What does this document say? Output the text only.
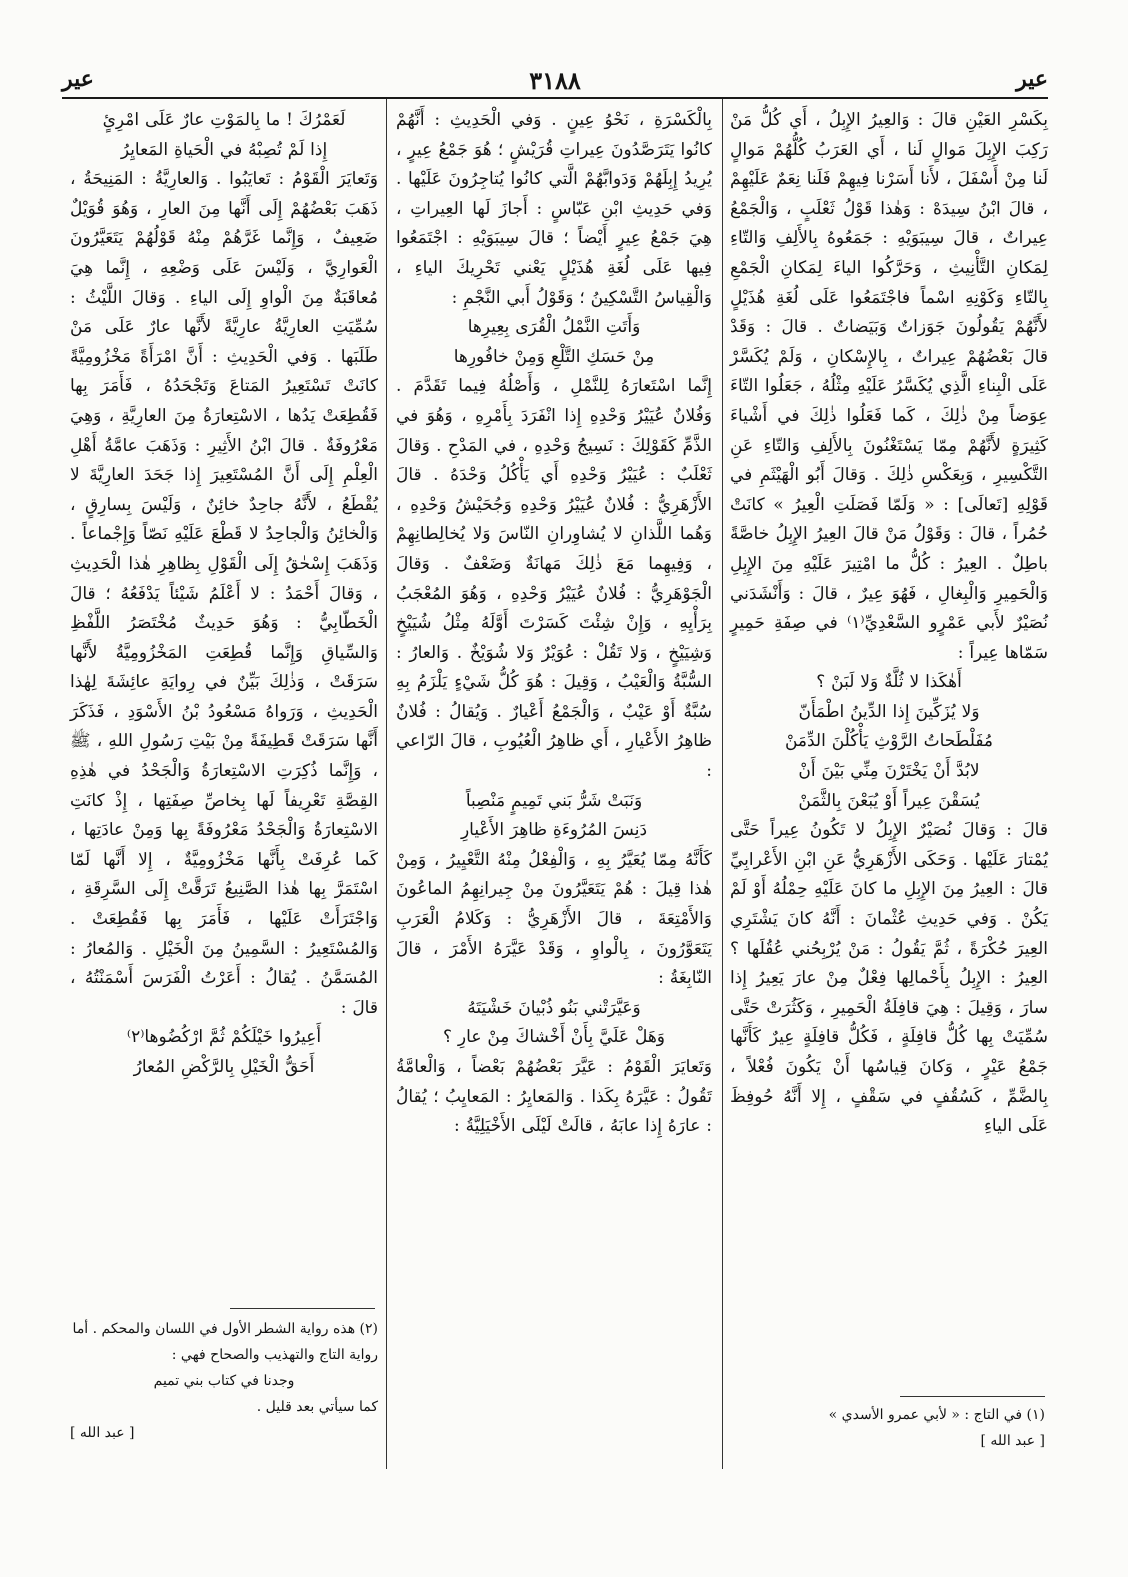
عير
٣١٨٨
عير

بِكَسْرِ العَيْنِ قالَ : وَالعِيرُ الإِبِلُ ، أَي كُلُّ مَنْ رَكِبَ الإِبِلَ مَوالٍ لَنا ، أَي العَرَبُ كُلُّهُمْ مَوالٍ لَنا مِنْ أَسْفَلَ ، لأَنا أَسَرْنا فِيهِمْ فَلَنا نِعَمٌ عَلَيْهِمْ ، قالَ ابْنُ سِيدَهْ : وَهٰذا قَوْلُ ثَعْلَبٍ ، وَالْجَمْعُ عِيراتٌ ، قالَ سِيبَوَيْهِ : جَمَعُوهُ بِالأَلِفِ وَالتّاءِ لِمَكانِ التَّأْنِيثِ ، وَحَرَّكُوا الياءَ لِمَكانِ الْجَمْعِ بِالتّاءِ وَكَوْنِهِ اسْماً فاجْتَمَعُوا عَلَى لُغَةِ هُذَيْلٍ لأَنَّهُمْ يَقُولُونَ جَوَزاتٌ وَبَيَضاتٌ . قالَ : وَقَدْ قالَ بَعْضُهُمْ عِيراتٌ ، بِالإِسْكانِ ، وَلَمْ يُكَسَّرْ عَلَى الْبِناءِ الَّذِي يُكَسَّرُ عَلَيْهِ مِثْلُهُ ، جَعَلُوا التّاءَ عِوَضاً مِنْ ذٰلِكَ ، كَما فَعَلُوا ذٰلِكَ في أَشْياءَ كَثِيرَةٍ لأَنَّهُمْ مِمّا يَسْتَغْنُونَ بِالأَلِفِ وَالتّاءِ عَنِ التَّكْسِيرِ ، وَبِعَكْسِ ذٰلِكَ . وَقالَ أَبُو الْهَيْثَمِ في قَوْلِهِ [تَعالَى] : « وَلَمّا فَصَلَتِ الْعِيرُ » كانَتْ حُمُراً ، قالَ : وَقَوْلُ مَنْ قالَ العِيرُ الإِبِلُ خاصَّةً باطِلٌ . العِيرُ : كُلُّ ما امْتِيرَ عَلَيْهِ مِنَ الإِبِلِ وَالْحَمِيرِ وَالْبِغالِ ، فَهُوَ عِيرٌ ، قالَ : وَأَنْشَدَني نُصَيْرٌ لأَبي عَمْرٍو السَّعْدِيِّ⁽١⁾ في صِفَةِ حَمِيرٍ سَمّاها عِيراً :

أَهٰكَذا لا ثُلَّةٌ وَلا لَبَنْ ؟

وَلا يُزَكِّينَ إِذا الدِّينُ اطْمَأَنّ

مُفَلْطَحاتُ الرَّوْثِ يَأْكُلْنَ الدِّمَنْ

لابُدَّ أَنْ يَخْتَرْنَ مِنِّي بَيْنَ أَنْ

يُسَقْنَ عِيراً أَوْ يُبَعْنَ بِالثَّمَنْ

قالَ : وَقالَ نُصَيْرٌ الإِبِلُ لا تَكُونُ عِيراً حَتَّى يُمْتارَ عَلَيْها . وَحَكَى الأَزْهَرِيُّ عَنِ ابْنِ الأَعْرابِيِّ قالَ : العِيرُ مِنَ الإِبِلِ ما كانَ عَلَيْهِ حِمْلُهُ أَوْ لَمْ يَكُنْ . وَفي حَدِيثِ عُثْمانَ : أَنَّهُ كانَ يَشْتَرِي العِيرَ حُكْرَةً ، ثُمَّ يَقُولُ : مَنْ يُرْبِحُني عُقُلَها ؟ العِيرُ : الإِبِلُ بِأَحْمالِها فِعْلٌ مِنْ عارَ يَعِيرُ إِذا سارَ ، وَقِيلَ : هِيَ قافِلَةُ الْحَمِيرِ ، وَكَثُرَتْ حَتَّى سُمِّيَتْ بِها كُلُّ قافِلَةٍ ، فَكُلُّ قافِلَةٍ عِيرٌ كَأَنَّها جَمْعُ عَيْرٍ ، وَكانَ قِياسُها أَنْ يَكُونَ فُعْلاً ، بِالضَّمِّ ، كَسُقُفٍ في سَقْفٍ ، إِلا أَنَّهُ حُوفِظَ عَلَى الياءِ

(١) في التاج : « لأبي عمرو الأسدي »
[ عبد الله ]

بِالْكَسْرَةِ ، نَحْوُ عِينٍ . وَفي الْحَدِيثِ : أَنَّهُمْ كانُوا يَتَرَصَّدُونَ عِيراتِ قُرَيْشٍ ؛ هُوَ جَمْعُ عِيرٍ ، يُرِيدُ إِبِلَهُمْ وَدَوابَّهُمْ الَّتي كانُوا يُتاجِرُونَ عَلَيْها . وَفي حَدِيثِ ابْنِ عَبّاسٍ : أَجازَ لَها العِيراتِ ، هِيَ جَمْعُ عِيرٍ أَيْضاً ؛ قالَ سِيبَوَيْهِ : اجْتَمَعُوا فِيها عَلَى لُغَةِ هُذَيْلٍ يَعْني تَحْرِيكَ الياءِ ، وَالْقِياسُ التَّسْكِينُ ؛ وَقَوْلُ أَبي النَّجْمِ :

وَأَتَتِ النَّمْلُ الْقُرَى بِعِيرِها

مِنْ حَسَكِ التَّلْعِ وَمِنْ خافُورِها

إِنَّما اسْتَعارَهُ لِلنَّمْلِ ، وَأَصْلُهُ فِيما تَقَدَّمَ . وَفُلانٌ عُيَيْرُ وَحْدِهِ إِذا انْفَرَدَ بِأَمْرِهِ ، وَهُوَ في الذَّمِّ كَقَوْلِكَ : نَسِيجُ وَحْدِهِ ، في المَدْحِ . وَقالَ ثَعْلَبٌ : عُيَيْرُ وَحْدِهِ أَي يَأْكُلُ وَحْدَهُ . قالَ الأَزْهَرِيُّ : فُلانٌ عُيَيْرُ وَحْدِهِ وَجُحَيْشُ وَحْدِهِ ، وَهُما اللَّذانِ لا يُشاوِرانِ النّاسَ وَلا يُخالِطانِهِمْ ، وَفِيهِما مَعَ ذٰلِكَ مَهانَةٌ وَضَعْفٌ . وَقالَ الْجَوْهَرِيُّ : فُلانٌ عُيَيْرُ وَحْدِهِ ، وَهُوَ المُعْجَبُ بِرَأْيِهِ ، وَإِنْ شِئْتَ كَسَرْتَ أَوَّلَهُ مِثْلُ شُيَيْخٍ وَشِيَيْخٍ ، وَلا تَقُلْ : عُوَيْرٌ وَلا شُوَيْخٌ . وَالعارُ : السُّبَّةُ وَالْعَيْبُ ، وَقِيلَ : هُوَ كُلُّ شَيْءٍ يَلْزَمُ بِهِ سُبَّةٌ أَوْ عَيْبٌ ، وَالْجَمْعُ أَعْيارٌ . وَيُقالُ : فُلانٌ ظاهِرُ الأَعْيارِ ، أَي ظاهِرُ الْعُيُوبِ ، قالَ الرّاعي :

وَنَبَتْ شَرُّ بَني تَمِيمٍ مَنْصِباً

دَنِسَ المُرُوءَةِ ظاهِرَ الأَعْيارِ

كَأَنَّهُ مِمّا يُعَيَّرُ بِهِ ، وَالْفِعْلُ مِنْهُ التَّعْيِيرُ ، وَمِنْ هٰذا قِيلَ : هُمْ يَتَعَيَّرُونَ مِنْ جِيرانِهِمُ الماعُونَ وَالأَمْتِعَةَ ، قالَ الأَزْهَرِيُّ : وَكَلامُ الْعَرَبِ يَتَعَوَّرُونَ ، بِالْواوِ ، وَقَدْ عَيَّرَهُ الأَمْرَ ، قالَ النّابِغَةُ :

وَعَيَّرَتْني بَنُو ذُبْيانَ خَشْيَتَهُ

وَهَلْ عَلَيَّ بِأَنْ أَخْشاكَ مِنْ عارِ ؟

وَتَعايَرَ الْقَوْمُ : عَيَّرَ بَعْضُهُمْ بَعْضاً ، وَالْعامَّةُ تَقُولُ : عَيَّرَهُ بِكَذا . وَالمَعايِرُ : المَعايِبُ ؛ يُقالُ : عارَهُ إِذا عابَهُ ، قالَتْ لَيْلَى الأَخْيَلِيَّةُ :

لَعَمْرُكَ ! ما بِالمَوْتِ عارٌ عَلَى امْرِئٍ

إِذا لَمْ تُصِبْهُ في الْحَياةِ المَعايِرُ

وَتَعايَرَ الْقَوْمُ : تَعايَبُوا . وَالعارِيَّةُ : المَنِيحَةُ ، ذَهَبَ بَعْضُهُمْ إِلَى أَنَّها مِنَ العارِ ، وَهُوَ قُوَيْلٌ ضَعِيفٌ ، وَإِنَّما غَرَّهُمْ مِنْهُ قَوْلُهُمْ يَتَعَيَّرُونَ الْعَوارِيَّ ، وَلَيْسَ عَلَى وَضْعِهِ ، إِنَّما هِيَ مُعاقَبَةٌ مِنَ الْواوِ إِلَى الياءِ . وَقالَ اللَّيْثُ : سُمِّيَتِ العارِيَّةُ عارِيَّةً لأَنَّها عارٌ عَلَى مَنْ طَلَبَها . وَفي الْحَدِيثِ : أَنَّ امْرَأَةً مَخْزُومِيَّةً كانَتْ تَسْتَعِيرُ المَتاعَ وَتَجْحَدُهُ ، فَأَمَرَ بِها فَقُطِعَتْ يَدُها ، الاسْتِعارَةُ مِنَ العارِيَّةِ ، وَهِيَ مَعْرُوفَةٌ . قالَ ابْنُ الأَثِيرِ : وَذَهَبَ عامَّةُ أَهْلِ الْعِلْمِ إِلَى أَنَّ المُسْتَعِيرَ إِذا جَحَدَ العارِيَّةَ لا يُقْطَعُ ، لأَنَّهُ جاحِدٌ خائِنٌ ، وَلَيْسَ بِسارِقٍ ، وَالْخائِنُ وَالْجاحِدُ لا قَطْعَ عَلَيْهِ نَصّاً وَإِجْماعاً . وَذَهَبَ إِسْحٰقُ إِلَى الْقَوْلِ بِظاهِرِ هٰذا الْحَدِيثِ ، وَقالَ أَحْمَدُ : لا أَعْلَمُ شَيْئاً يَدْفَعُهُ ؛ قالَ الْخَطّابِيُّ : وَهُوَ حَدِيثٌ مُخْتَصَرُ اللَّفْظِ وَالسِّياقِ وَإِنَّما قُطِعَتِ المَخْزُومِيَّةُ لأَنَّها سَرَقَتْ ، وَذٰلِكَ بَيِّنٌ في رِوايَةِ عائِشَةَ لِهٰذا الْحَدِيثِ ، وَرَواهُ مَسْعُودُ بْنُ الأَسْوَدِ ، فَذَكَرَ أَنَّها سَرَقَتْ قَطِيفَةً مِنْ بَيْتِ رَسُولِ اللهِ ، ﷺ ، وَإِنَّما ذُكِرَتِ الاسْتِعارَةُ وَالْجَحْدُ في هٰذِهِ القِصَّةِ تَعْرِيفاً لَها بِخاصِّ صِفَتِها ، إِذْ كانَتِ الاسْتِعارَةُ وَالْجَحْدُ مَعْرُوفَةً بِها وَمِنْ عادَتِها ، كَما عُرِفَتْ بِأَنَّها مَخْزُومِيَّةٌ ، إِلا أَنَّها لَمّا اسْتَمَرَّ بِها هٰذا الصَّنِيعُ تَرَقَّتْ إِلَى السَّرِقَةِ ، وَاجْتَرَأَتْ عَلَيْها ، فَأَمَرَ بِها فَقُطِعَتْ . وَالمُسْتَعِيرُ : السَّمِينُ مِنَ الْخَيْلِ . وَالمُعارُ : المُسَمَّنُ . يُقالُ : أَعَرْتُ الْفَرَسَ أَسْمَنْتُهُ ، قالَ :

أَعِيرُوا خَيْلَكُمْ ثُمَّ ارْكُضُوها⁽٢⁾

أَحَقُّ الْخَيْلِ بِالرَّكْضِ المُعارُ

(٢) هذه رواية الشطر الأول في اللسان والمحكم . أما رواية التاج والتهذيب والصحاح فهي :
وجدنا في كتاب بني تميم
كما سيأتي بعد قليل .
[ عبد الله ]
